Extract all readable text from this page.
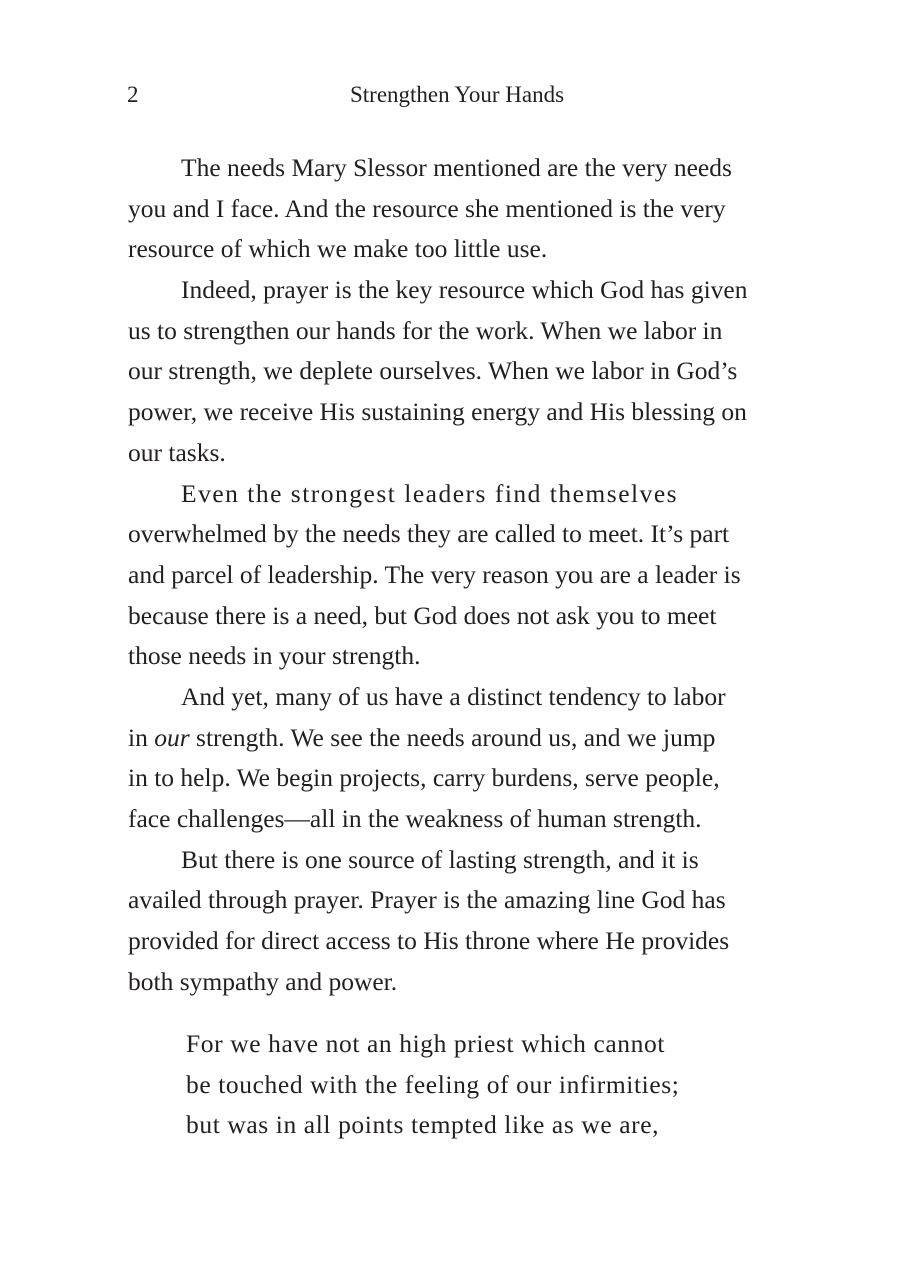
2	Strengthen Your Hands
The needs Mary Slessor mentioned are the very needs
you and I face. And the resource she mentioned is the very
resource of which we make too little use.
Indeed, prayer is the key resource which God has given
us to strengthen our hands for the work. When we labor in
our strength, we deplete ourselves. When we labor in God’s
power, we receive His sustaining energy and His blessing on
our tasks.
Even the strongest leaders find themselves
overwhelmed by the needs they are called to meet. It’s part
and parcel of leadership. The very reason you are a leader is
because there is a need, but God does not ask you to meet
those needs in your strength.
And yet, many of us have a distinct tendency to labor
in our strength. We see the needs around us, and we jump
in to help. We begin projects, carry burdens, serve people,
face challenges—all in the weakness of human strength.
But there is one source of lasting strength, and it is
availed through prayer. Prayer is the amazing line God has
provided for direct access to His throne where He provides
both sympathy and power.
For we have not an high priest which cannot
be touched with the feeling of our infirmities;
but was in all points tempted like as we are,
